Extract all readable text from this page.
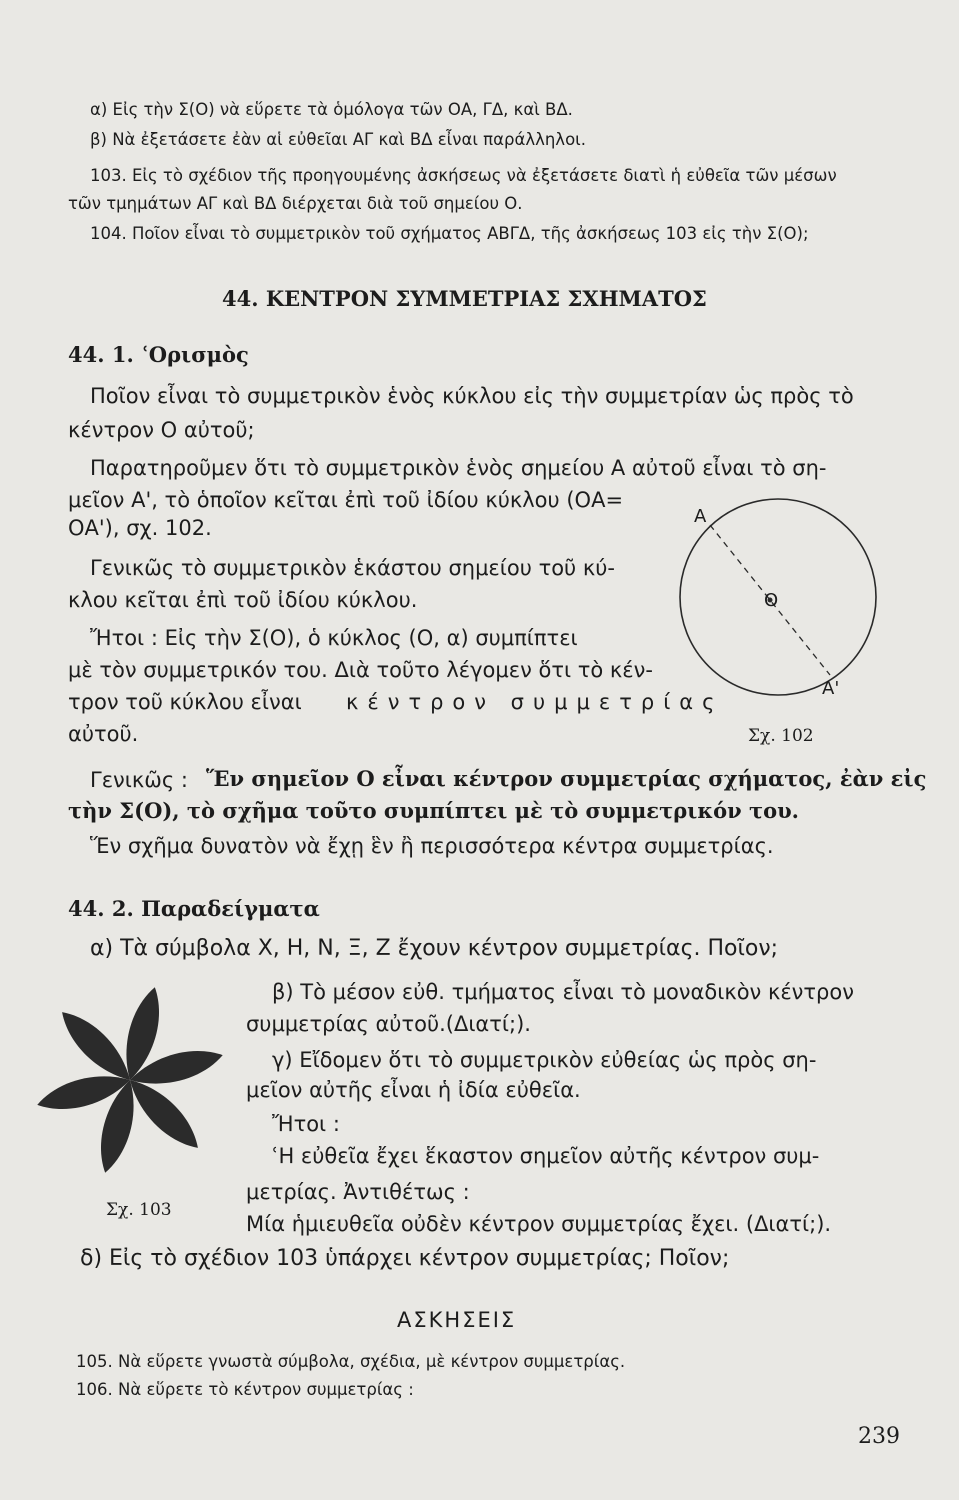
α) Εἰς τὴν Σ(Ο) νὰ εὕρετε τὰ ὁμόλογα τῶν ΟΑ, ΓΔ, καὶ ΒΔ.
β) Νὰ ἐξετάσετε ἐὰν αἱ εὐθεῖαι ΑΓ καὶ ΒΔ εἶναι παράλληλοι.
103. Εἰς τὸ σχέδιον τῆς προηγουμένης ἀσκήσεως νὰ ἐξετάσετε διατὶ ἡ εὐθεῖα τῶν μέσων
τῶν τμημάτων ΑΓ καὶ ΒΔ διέρχεται διὰ τοῦ σημείου Ο.
104. Ποῖον εἶναι τὸ συμμετρικὸν τοῦ σχήματος ΑΒΓΔ, τῆς ἀσκήσεως 103 εἰς τὴν Σ(Ο);
44. ΚΕΝΤΡΟΝ ΣΥΜΜΕΤΡΙΑΣ ΣΧΗΜΑΤΟΣ
44. 1. ʿΟρισμὸς
Ποῖον εἶναι τὸ συμμετρικὸν ἑνὸς κύκλου εἰς τὴν συμμετρίαν ὡς πρὸς τὸ
κέντρον Ο αὐτοῦ;
Παρατηροῦμεν ὅτι τὸ συμμετρικὸν ἑνὸς σημείου Α αὐτοῦ εἶναι τὸ ση-
μεῖον Α', τὸ ὁποῖον κεῖται ἐπὶ τοῦ ἰδίου κύκλου (ΟΑ=
ΟΑ'), σχ. 102.
Γενικῶς τὸ συμμετρικὸν ἑκάστου σημείου τοῦ κύ-
κλου κεῖται ἐπὶ τοῦ ἰδίου κύκλου.
Ἤτοι : Εἰς τὴν Σ(Ο), ὁ κύκλος (Ο, α) συμπίπτει
μὲ τὸν συμμετρικόν του. Διὰ τοῦτο λέγομεν ὅτι τὸ κέν-
τρον τοῦ κύκλου εἶναι κέντρον συμμετρίας
αὐτοῦ.
A
O
A'
Σχ. 102
Γενικῶς : Ἕν σημεῖον Ο εἶναι κέντρον συμμετρίας σχήματος, ἐὰν εἰς
τὴν Σ(Ο), τὸ σχῆμα τοῦτο συμπίπτει μὲ τὸ συμμετρικόν του.
Ἕν σχῆμα δυνατὸν νὰ ἔχῃ ἓν ἢ περισσότερα κέντρα συμμετρίας.
44. 2. Παραδείγματα
α) Τὰ σύμβολα Χ, Η, Ν, Ξ, Ζ ἔχουν κέντρον συμμετρίας. Ποῖον;
β) Τὸ μέσον εὐθ. τμήματος εἶναι τὸ μοναδικὸν κέντρον
συμμετρίας αὐτοῦ.(Διατί;).
γ) Εἴδομεν ὅτι τὸ συμμετρικὸν εὐθείας ὡς πρὸς ση-
μεῖον αὐτῆς εἶναι ἡ ἰδία εὐθεῖα.
Ἤτοι :
ʿΗ εὐθεῖα ἔχει ἕκαστον σημεῖον αὐτῆς κέντρον συμ-
μετρίας. Ἀντιθέτως :
Μία ἡμιευθεῖα οὐδὲν κέντρον συμμετρίας ἔχει. (Διατί;).
δ) Εἰς τὸ σχέδιον 103 ὑπάρχει κέντρον συμμετρίας; Ποῖον;
Σχ. 103
ΑΣΚΗΣΕΙΣ
105. Νὰ εὕρετε γνωστὰ σύμβολα, σχέδια, μὲ κέντρον συμμετρίας.
106. Νὰ εὕρετε τὸ κέντρον συμμετρίας :
239
